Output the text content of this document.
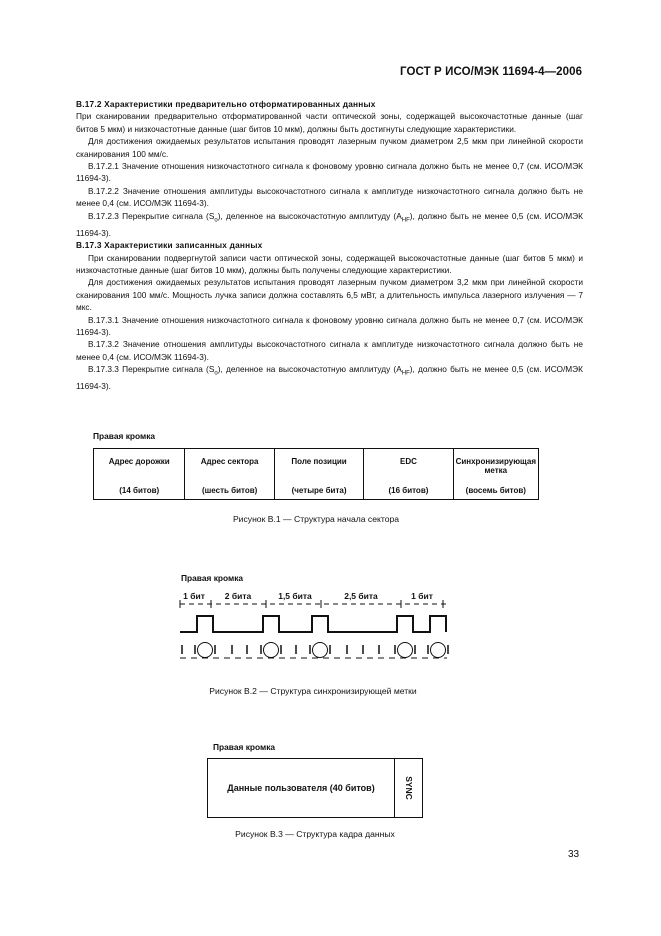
ГОСТ Р ИСО/МЭК 11694-4—2006

В.17.2 Характеристики предварительно отформатированных данных

При сканировании предварительно отформатированной части оптической зоны, содержащей высокочастотные данные (шаг битов 5 мкм) и низкочастотные данные (шаг битов 10 мкм), должны быть достигнуты следующие характеристики.

Для достижения ожидаемых результатов испытания проводят лазерным пучком диаметром 2,5 мкм при линейной скорости сканирования 100 мм/с.

В.17.2.1 Значение отношения низкочастотного сигнала к фоновому уровню сигнала должно быть не менее 0,7 (см. ИСО/МЭК 11694-3).

В.17.2.2 Значение отношения амплитуды высокочастотного сигнала к амплитуде низкочастотного сигнала должно быть не менее 0,4 (см. ИСО/МЭК 11694-3).

В.17.2.3 Перекрытие сигнала $(S_o)$, деленное на высокочастотную амплитуду $(A_{HF})$, должно быть не менее 0,5 (см. ИСО/МЭК 11694-3).

В.17.3 Характеристики записанных данных

При сканировании подвергнутой записи части оптической зоны, содержащей высокочастотные данные (шаг битов 5 мкм) и низкочастотные данные (шаг битов 10 мкм), должны быть получены следующие характеристики.

Для достижения ожидаемых результатов испытания проводят лазерным пучком диаметром 3,2 мкм при линейной скорости сканирования 100 мм/с. Мощность лучка записи должна составлять 6,5 мВт, а длительность импульса лазерного излучения — 7 мкс.

В.17.3.1 Значение отношения низкочастотного сигнала к фоновому уровню сигнала должно быть не менее 0,7 (см. ИСО/МЭК 11694-3).

В.17.3.2 Значение отношения амплитуды высокочастотного сигнала к амплитуде низкочастотного сигнала должно быть не менее 0,4 (см. ИСО/МЭК 11694-3).

В.17.3.3 Перекрытие сигнала $(S_o)$, деленное на высокочастотную амплитуду $(A_{HF})$, должно быть не менее 0,5 (см. ИСО/МЭК 11694-3).

Правая кромка
Адрес дорожки
(14 битов)

Адрес сектора
(шесть битов)

Поле позиции
(четыре бита)

EDC
(16 битов)

Синхронизирующая метка
(восемь битов)
Рисунок В.1 — Структура начала сектора
Правая кромка
1 бит 2 бита	1,5 бита	2,5 бита	1 бит
Рисунок В.2 — Структура синхронизирующей метки
Правая кромка
Данные пользователя (40 битов)	SYNC
Рисунок В.3 — Структура кадра данных
33
